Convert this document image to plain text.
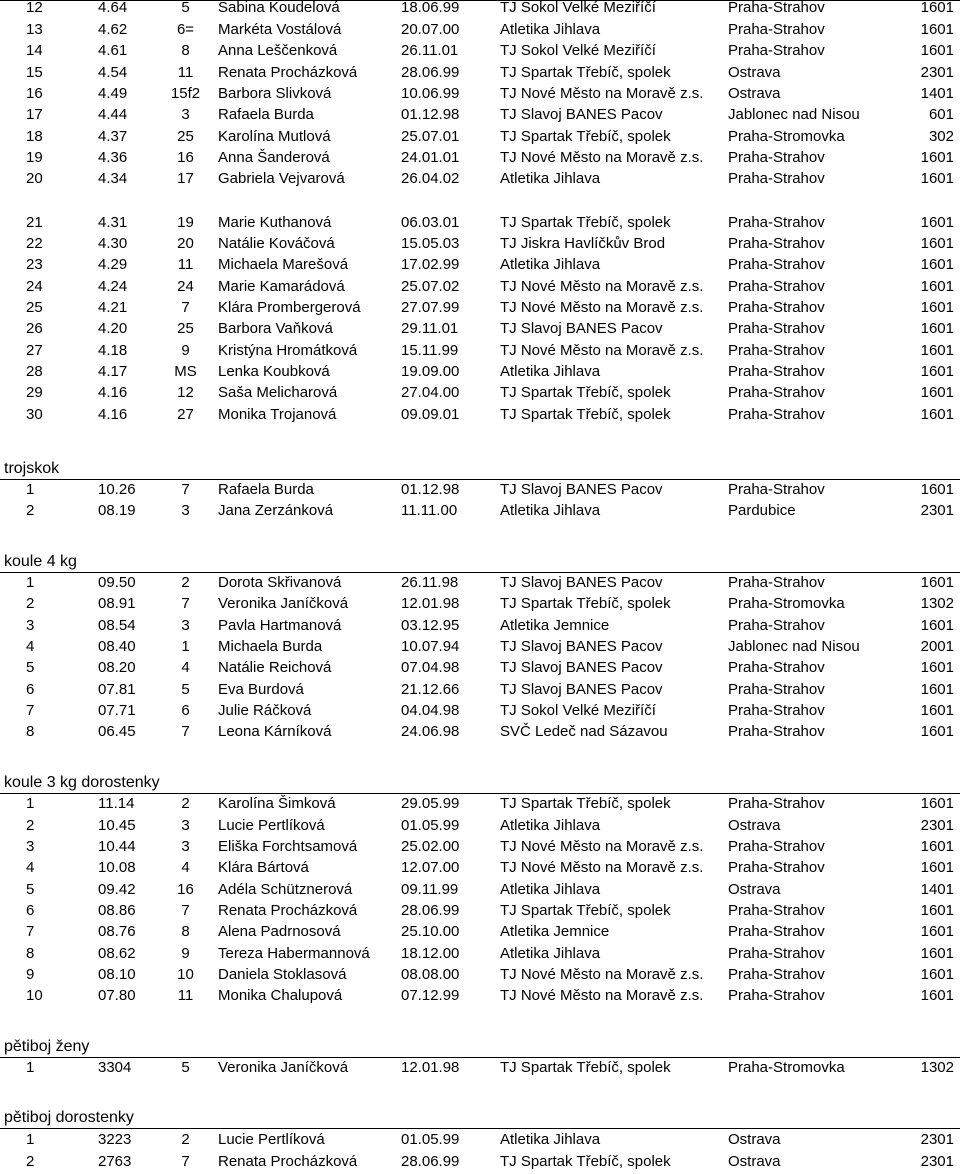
12	4.64	5	Sabina Koudelová	18.06.99	TJ Sokol Velké Meziříčí	Praha-Strahov	1601
13	4.62	6=	Markéta Vostálová	20.07.00	Atletika Jihlava	Praha-Strahov	1601
14	4.61	8	Anna Leščenková	26.11.01	TJ Sokol Velké Meziříčí	Praha-Strahov	1601
15	4.54	11	Renata Procházková	28.06.99	TJ Spartak Třebíč, spolek	Ostrava	2301
16	4.49	15f2	Barbora Slivková	10.06.99	TJ Nové Město na Moravě z.s.	Ostrava	1401
17	4.44	3	Rafaela Burda	01.12.98	TJ Slavoj BANES Pacov	Jablonec nad Nisou	601
18	4.37	25	Karolína Mutlová	25.07.01	TJ Spartak Třebíč, spolek	Praha-Stromovka	302
19	4.36	16	Anna Šanderová	24.01.01	TJ Nové Město na Moravě z.s.	Praha-Strahov	1601
20	4.34	17	Gabriela Vejvarová	26.04.02	Atletika Jihlava	Praha-Strahov	1601
21	4.31	19	Marie Kuthanová	06.03.01	TJ Spartak Třebíč, spolek	Praha-Strahov	1601
22	4.30	20	Natálie Kováčová	15.05.03	TJ Jiskra Havlíčkův Brod	Praha-Strahov	1601
23	4.29	11	Michaela Marešová	17.02.99	Atletika Jihlava	Praha-Strahov	1601
24	4.24	24	Marie Kamarádová	25.07.02	TJ Nové Město na Moravě z.s.	Praha-Strahov	1601
25	4.21	7	Klára Prombergerová	27.07.99	TJ Nové Město na Moravě z.s.	Praha-Strahov	1601
26	4.20	25	Barbora Vaňková	29.11.01	TJ Slavoj BANES Pacov	Praha-Strahov	1601
27	4.18	9	Kristýna Hromátková	15.11.99	TJ Nové Město na Moravě z.s.	Praha-Strahov	1601
28	4.17	MS	Lenka Koubková	19.09.00	Atletika Jihlava	Praha-Strahov	1601
29	4.16	12	Saša Melicharová	27.04.00	TJ Spartak Třebíč, spolek	Praha-Strahov	1601
30	4.16	27	Monika Trojanová	09.09.01	TJ Spartak Třebíč, spolek	Praha-Strahov	1601
trojskok
1	10.26	7	Rafaela Burda	01.12.98	TJ Slavoj BANES Pacov	Praha-Strahov	1601
2	08.19	3	Jana Zerzánková	11.11.00	Atletika Jihlava	Pardubice	2301
koule 4 kg
1	09.50	2	Dorota Skřivanová	26.11.98	TJ Slavoj BANES Pacov	Praha-Strahov	1601
2	08.91	7	Veronika Janíčková	12.01.98	TJ Spartak Třebíč, spolek	Praha-Stromovka	1302
3	08.54	3	Pavla Hartmanová	03.12.95	Atletika Jemnice	Praha-Strahov	1601
4	08.40	1	Michaela Burda	10.07.94	TJ Slavoj BANES Pacov	Jablonec nad Nisou	2001
5	08.20	4	Natálie Reichová	07.04.98	TJ Slavoj BANES Pacov	Praha-Strahov	1601
6	07.81	5	Eva Burdová	21.12.66	TJ Slavoj BANES Pacov	Praha-Strahov	1601
7	07.71	6	Julie Ráčková	04.04.98	TJ Sokol Velké Meziříčí	Praha-Strahov	1601
8	06.45	7	Leona Kárníková	24.06.98	SVČ Ledeč nad Sázavou	Praha-Strahov	1601
koule 3 kg dorostenky
1	11.14	2	Karolína Šimková	29.05.99	TJ Spartak Třebíč, spolek	Praha-Strahov	1601
2	10.45	3	Lucie Pertlíková	01.05.99	Atletika Jihlava	Ostrava	2301
3	10.44	3	Eliška Forchtsamová	25.02.00	TJ Nové Město na Moravě z.s.	Praha-Strahov	1601
4	10.08	4	Klára Bártová	12.07.00	TJ Nové Město na Moravě z.s.	Praha-Strahov	1601
5	09.42	16	Adéla Schütznerová	09.11.99	Atletika Jihlava	Ostrava	1401
6	08.86	7	Renata Procházková	28.06.99	TJ Spartak Třebíč, spolek	Praha-Strahov	1601
7	08.76	8	Alena Padrnosová	25.10.00	Atletika Jemnice	Praha-Strahov	1601
8	08.62	9	Tereza Habermannová	18.12.00	Atletika Jihlava	Praha-Strahov	1601
9	08.10	10	Daniela Stoklasová	08.08.00	TJ Nové Město na Moravě z.s.	Praha-Strahov	1601
10	07.80	11	Monika Chalupová	07.12.99	TJ Nové Město na Moravě z.s.	Praha-Strahov	1601
pětiboj ženy
1	3304	5	Veronika Janíčková	12.01.98	TJ Spartak Třebíč, spolek	Praha-Stromovka	1302
pětiboj dorostenky
1	3223	2	Lucie Pertlíková	01.05.99	Atletika Jihlava	Ostrava	2301
2	2763	7	Renata Procházková	28.06.99	TJ Spartak Třebíč, spolek	Ostrava	2301
